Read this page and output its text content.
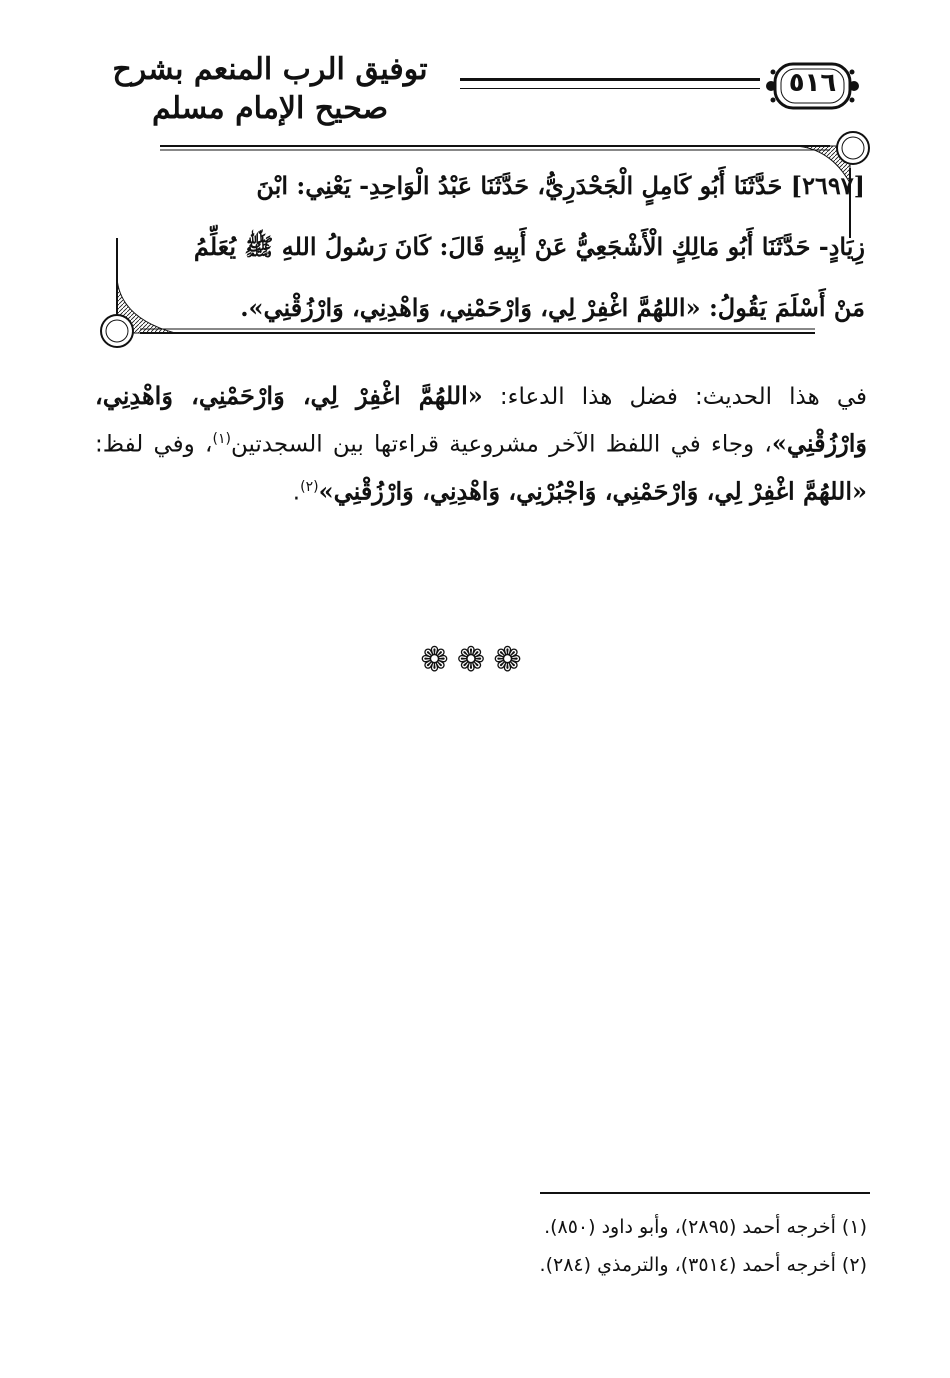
توفيق الرب المنعم بشرح صحيح الإمام مسلم
٥١٦
[٢٦٩٧] حَدَّثَنَا أَبُو كَامِلٍ الْجَحْدَرِيُّ، حَدَّثَنَا عَبْدُ الْوَاحِدِ- يَعْنِي: ابْنَ
زِيَادٍ- حَدَّثَنَا أَبُو مَالِكٍ الْأَشْجَعِيُّ عَنْ أَبِيهِ قَالَ: كَانَ رَسُولُ اللهِ ﷺ يُعَلِّمُ
مَنْ أَسْلَمَ يَقُولُ: «اللهُمَّ اغْفِرْ لِي، وَارْحَمْنِي، وَاهْدِنِي، وَارْزُقْنِي».
في هذا الحديث: فضل هذا الدعاء: «اللهُمَّ اغْفِرْ لِي، وَارْحَمْنِي، وَاهْدِنِي، وَارْزُقْنِي»، وجاء في اللفظ الآخر مشروعية قراءتها بين السجدتين$^{(١)}$، وفي لفظ: «اللهُمَّ اغْفِرْ لِي، وَارْحَمْنِي، وَاجْبُرْنِي، وَاهْدِنِي، وَارْزُقْنِي»$^{(٢)}$.
❁❁❁
(١) أخرجه أحمد (٢٨٩٥)، وأبو داود (٨٥٠).
(٢) أخرجه أحمد (٣٥١٤)، والترمذي (٢٨٤).
